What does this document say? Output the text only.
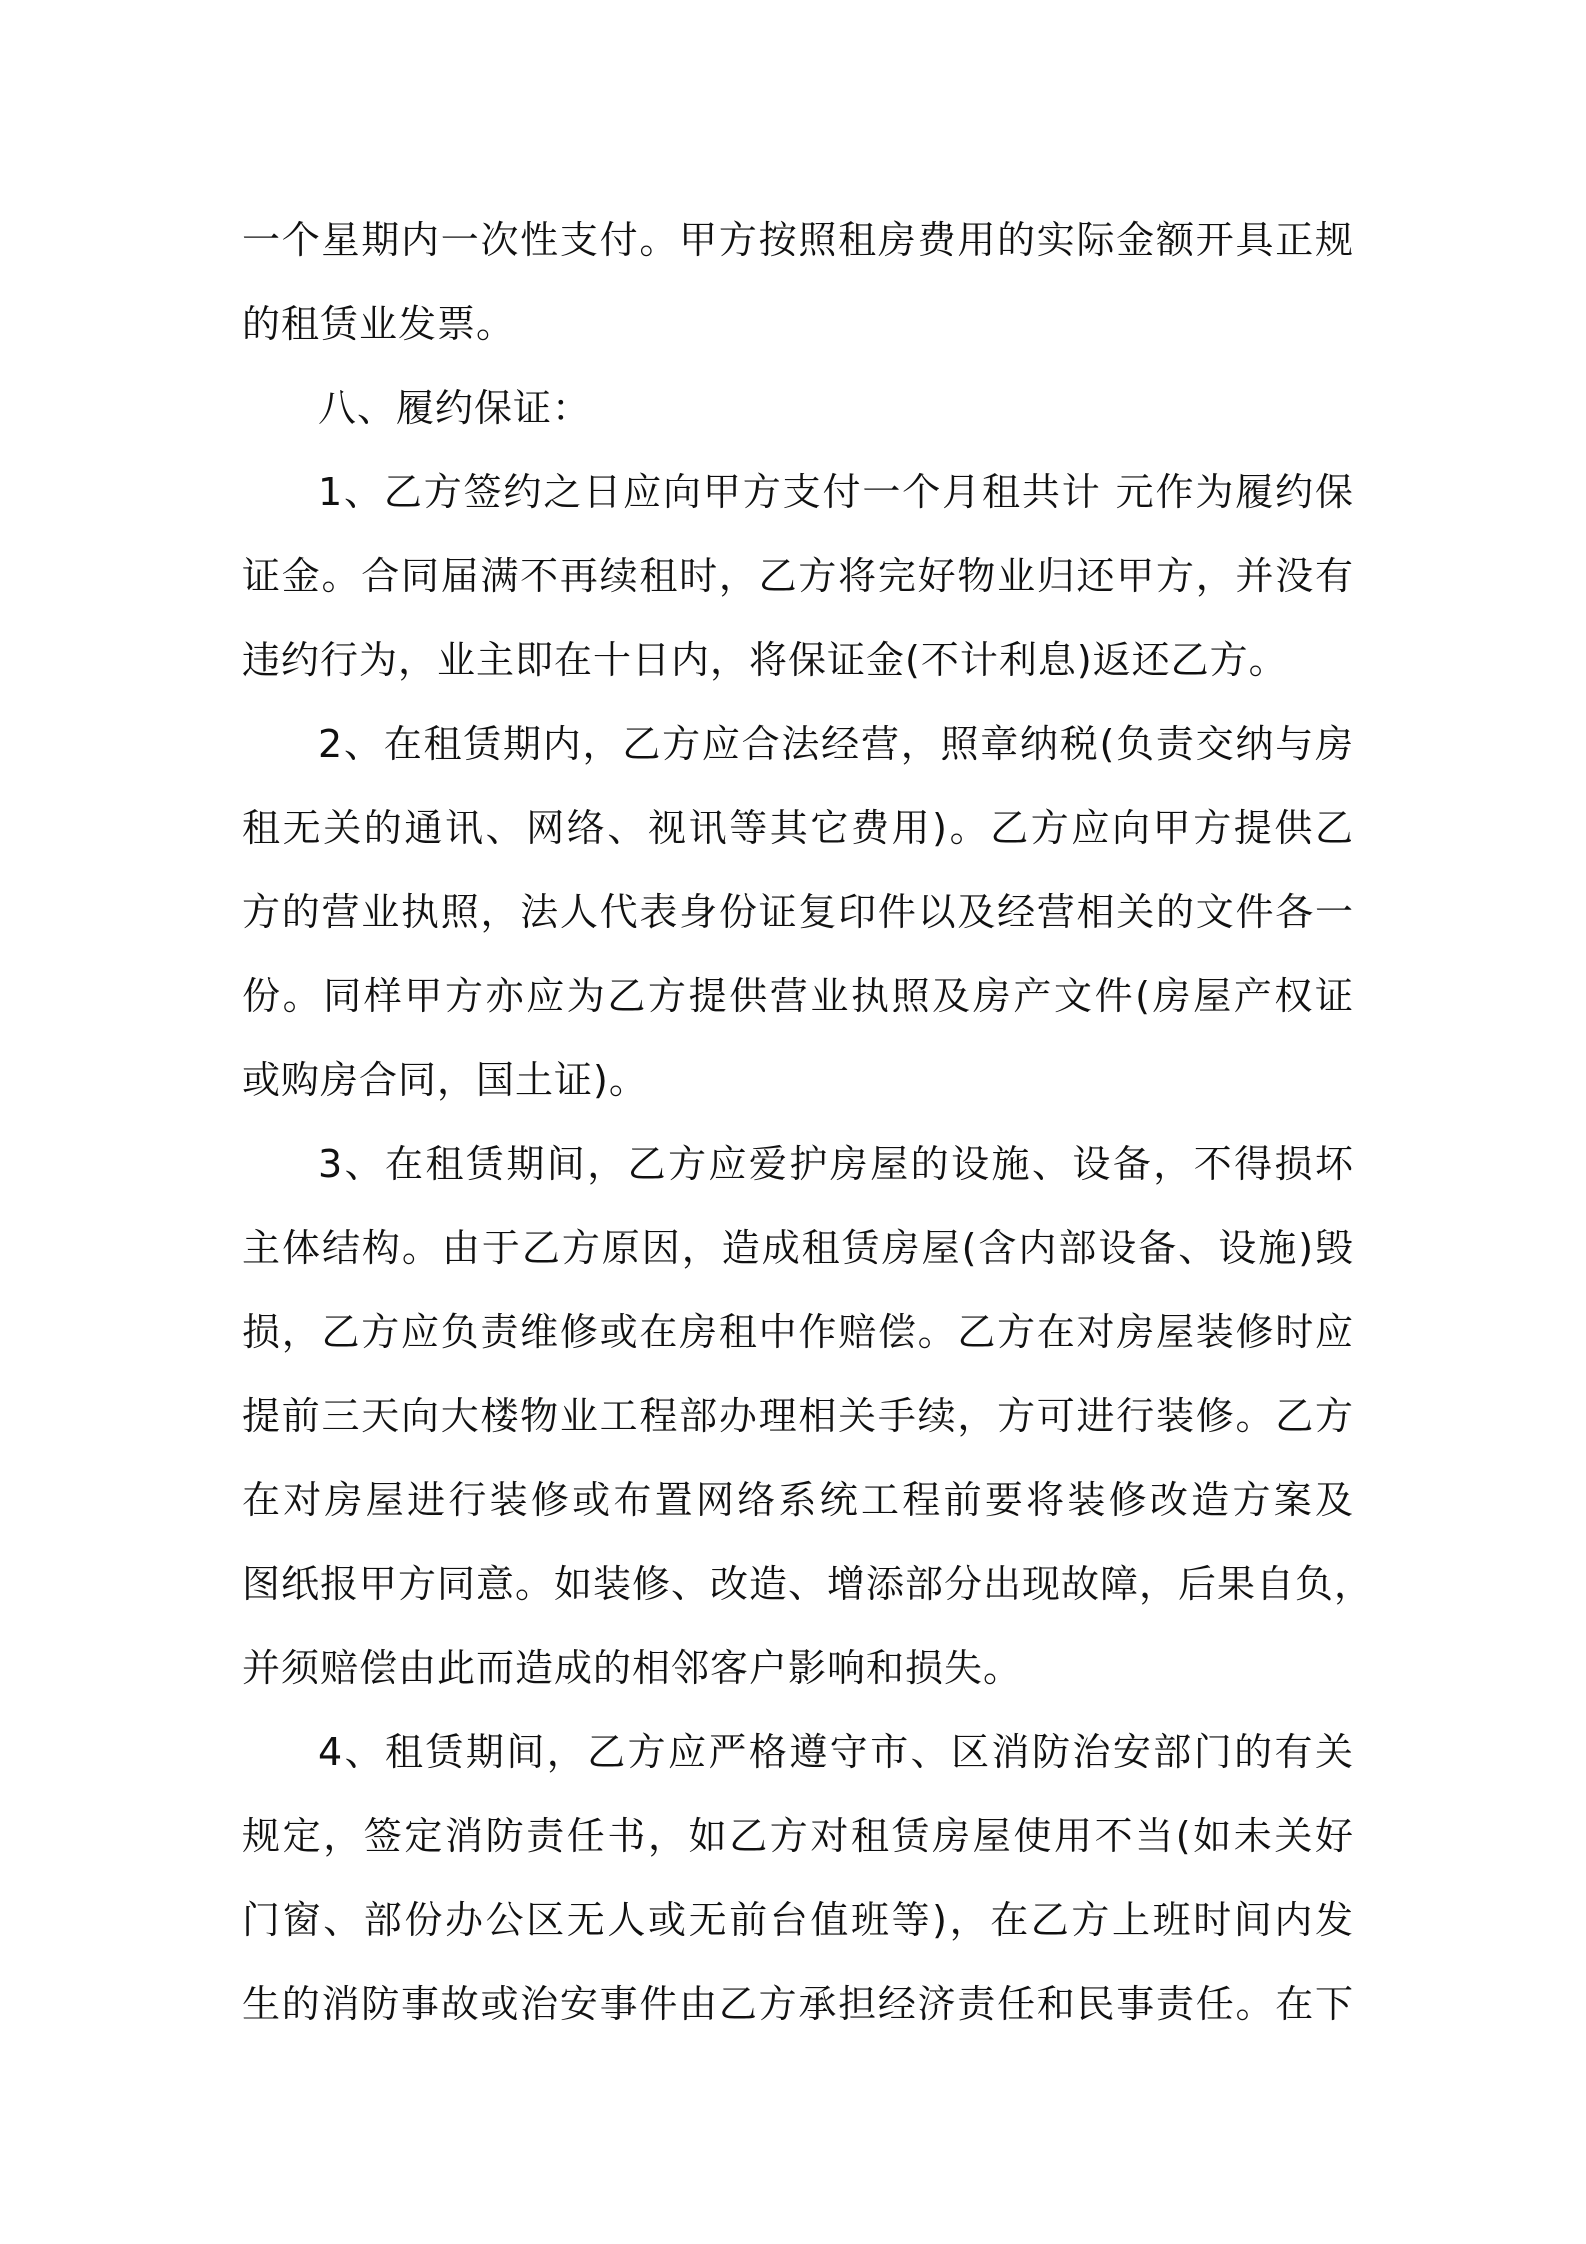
一个星期内一次性支付。甲方按照租房费用的实际金额开具正规
的租赁业发票。
八、履约保证：
1、乙方签约之日应向甲方支付一个月租共计 元作为履约保
证金。合同届满不再续租时，乙方将完好物业归还甲方，并没有
违约行为，业主即在十日内，将保证金(不计利息)返还乙方。
2、在租赁期内，乙方应合法经营，照章纳税(负责交纳与房
租无关的通讯、网络、视讯等其它费用)。乙方应向甲方提供乙
方的营业执照，法人代表身份证复印件以及经营相关的文件各一
份。同样甲方亦应为乙方提供营业执照及房产文件(房屋产权证
或购房合同，国土证)。
3、在租赁期间，乙方应爱护房屋的设施、设备，不得损坏
主体结构。由于乙方原因，造成租赁房屋(含内部设备、设施)毁
损，乙方应负责维修或在房租中作赔偿。乙方在对房屋装修时应
提前三天向大楼物业工程部办理相关手续，方可进行装修。乙方
在对房屋进行装修或布置网络系统工程前要将装修改造方案及
图纸报甲方同意。如装修、改造、增添部分出现故障，后果自负，
并须赔偿由此而造成的相邻客户影响和损失。
4、租赁期间，乙方应严格遵守市、区消防治安部门的有关
规定，签定消防责任书，如乙方对租赁房屋使用不当(如未关好
门窗、部份办公区无人或无前台值班等)，在乙方上班时间内发
生的消防事故或治安事件由乙方承担经济责任和民事责任。在下
